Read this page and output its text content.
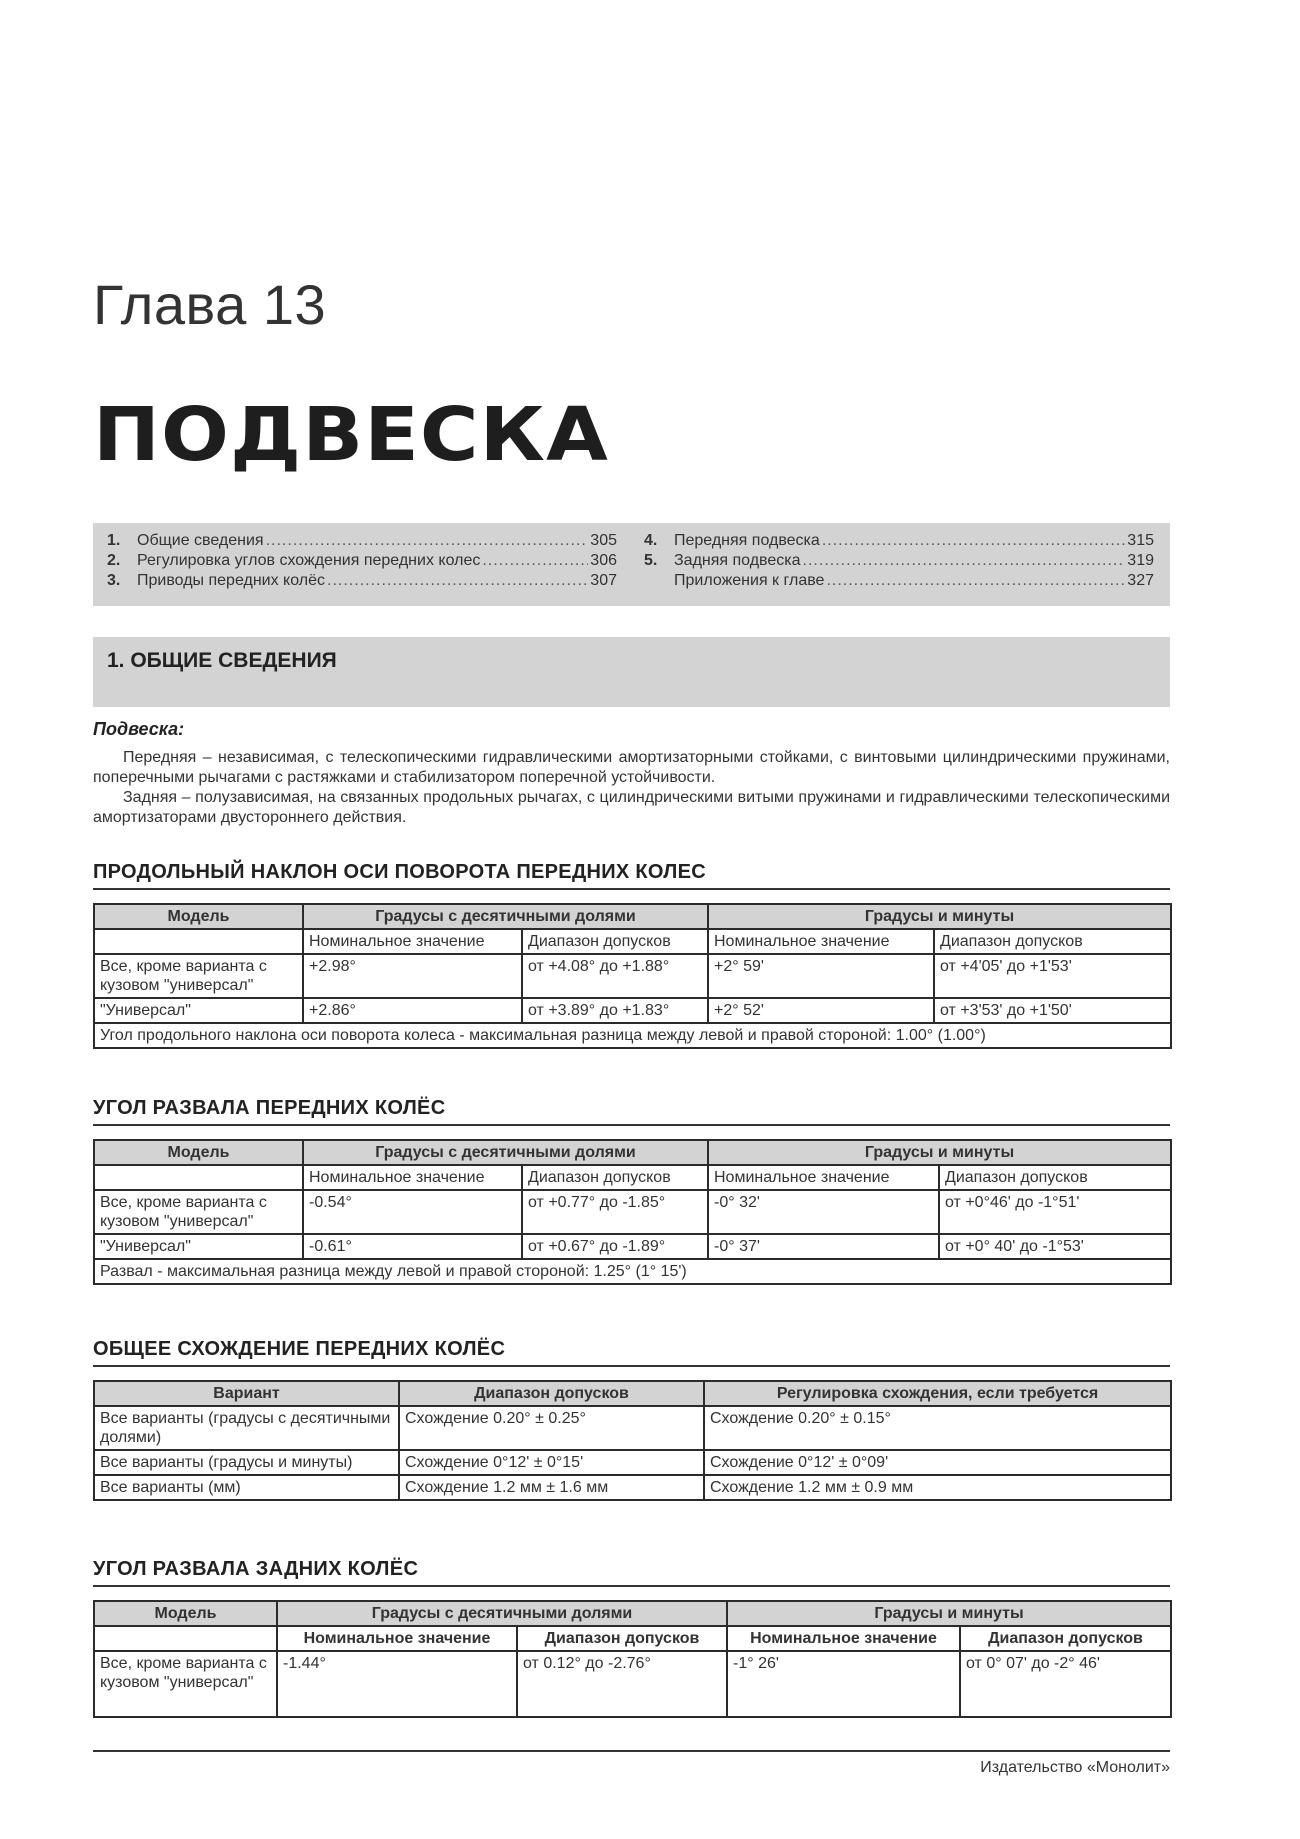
Глава 13
ПОДВЕСКА
1.	Общие сведения .....	305
2.	Регулировка углов схождения передних колес .....	306
3.	Приводы передних колёс .....	307
4.	Передняя подвеска .....	315
5.	Задняя подвеска .....	319
Приложения к главе .....	327
1. ОБЩИЕ СВЕДЕНИЯ
Подвеска:
Передняя – независимая, с телескопическими гидравлическими амортизаторными стойками, с винтовыми цилиндрическими пружинами, поперечными рычагами с растяжками и стабилизатором поперечной устойчивости.
Задняя – полузависимая, на связанных продольных рычагах, с цилиндрическими витыми пружинами и гидравлическими телескопическими амортизаторами двустороннего действия.
ПРОДОЛЬНЫЙ НАКЛОН ОСИ ПОВОРОТА ПЕРЕДНИХ КОЛЕС
Модель	Градусы с десятичными долями		Градусы и минуты	
	Номинальное значение	Диапазон допусков	Номинальное значение	Диапазон допусков
Все, кроме варианта с кузовом "универсал"	+2.98°	от +4.08° до +1.88°	+2° 59'	от +4'05' до +1'53'
"Универсал"	+2.86°	от +3.89° до +1.83°	+2° 52'	от +3'53' до +1'50'
Угол продольного наклона оси поворота колеса - максимальная разница между левой и правой стороной: 1.00° (1.00°)				
УГОЛ РАЗВАЛА ПЕРЕДНИХ КОЛЁС
Модель	Градусы с десятичными долями		Градусы и минуты	
	Номинальное значение	Диапазон допусков	Номинальное значение	Диапазон допусков
Все, кроме варианта с кузовом "универсал"	-0.54°	от +0.77° до -1.85°	-0° 32'	от +0°46' до -1°51'
"Универсал"	-0.61°	от +0.67° до -1.89°	-0° 37'	от +0° 40' до -1°53'
Развал - максимальная разница между левой и правой стороной: 1.25° (1° 15')				
ОБЩЕЕ СХОЖДЕНИЕ ПЕРЕДНИХ КОЛЁС
Вариант	Диапазон допусков	Регулировка схождения, если требуется
Все варианты (градусы с десятичными долями)	Схождение 0.20° ± 0.25°	Схождение 0.20° ± 0.15°
Все варианты (градусы и минуты)	Схождение 0°12' ± 0°15'	Схождение 0°12' ± 0°09'
Все варианты (мм)	Схождение 1.2 мм ± 1.6 мм	Схождение 1.2 мм ± 0.9 мм
УГОЛ РАЗВАЛА ЗАДНИХ КОЛЁС
Модель	Градусы с десятичными долями		Градусы и минуты	
	Номинальное значение	Диапазон допусков	Номинальное значение	Диапазон допусков
Все, кроме варианта с кузовом "универсал"	-1.44°	от 0.12° до -2.76°	-1° 26'	от 0° 07' до -2° 46'
Издательство «Монолит»
